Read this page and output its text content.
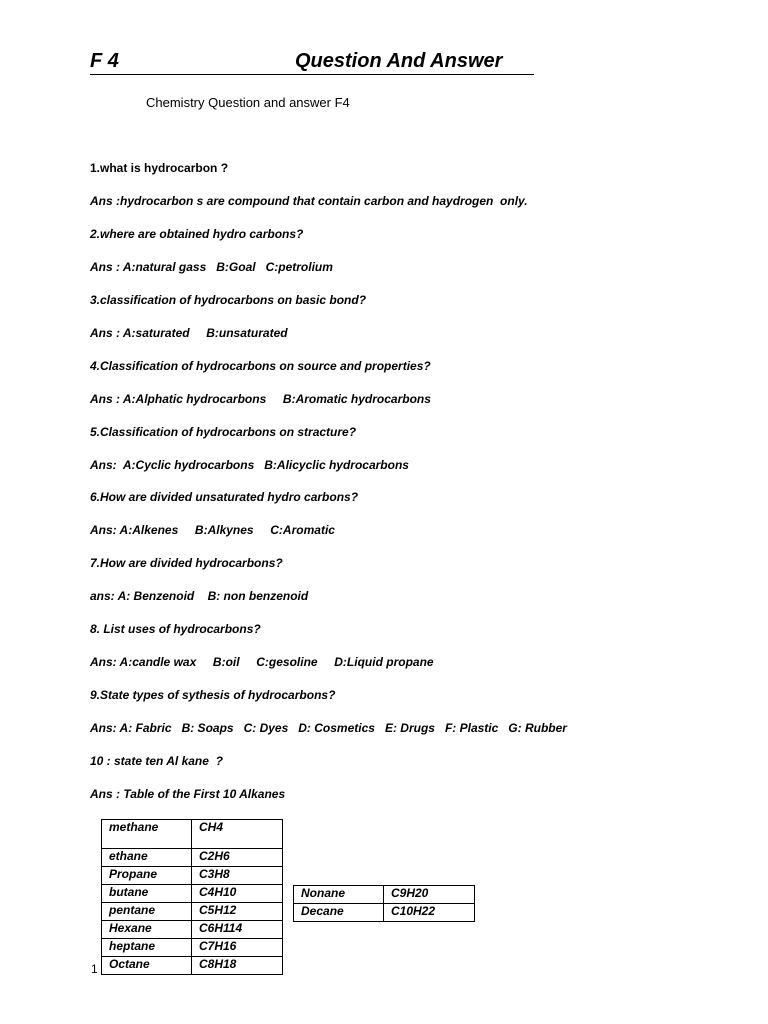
F 4	Question And Answer
Chemistry Question and answer F4
1.what is hydrocarbon ?
Ans :hydrocarbon s are compound that contain carbon and haydrogen  only.
2.where are obtained hydro carbons?
Ans : A:natural gass   B:Goal   C:petrolium
3.classification of hydrocarbons on basic bond?
Ans : A:saturated     B:unsaturated
4.Classification of hydrocarbons on source and properties?
Ans : A:Alphatic hydrocarbons     B:Aromatic hydrocarbons
5.Classification of hydrocarbons on stracture?
Ans:  A:Cyclic hydrocarbons   B:Alicyclic hydrocarbons
6.How are divided unsaturated hydro carbons?
Ans: A:Alkenes     B:Alkynes     C:Aromatic
7.How are divided hydrocarbons?
ans: A: Benzenoid    B: non benzenoid
8. List uses of hydrocarbons?
Ans: A:candle wax     B:oil     C:gesoline     D:Liquid propane
9.State types of sythesis of hydrocarbons?
Ans: A: Fabric   B: Soaps   C: Dyes   D: Cosmetics   E: Drugs   F: Plastic   G: Rubber
10 : state ten Al kane  ?
Ans : Table of the First 10 Alkanes
methane	CH4
ethane	C2H6
Propane	C3H8
butane	C4H10
pentane	C5H12
Hexane	C6H114
heptane	C7H16
Octane	C8H18
Nonane	C9H20
Decane	C10H22
1
